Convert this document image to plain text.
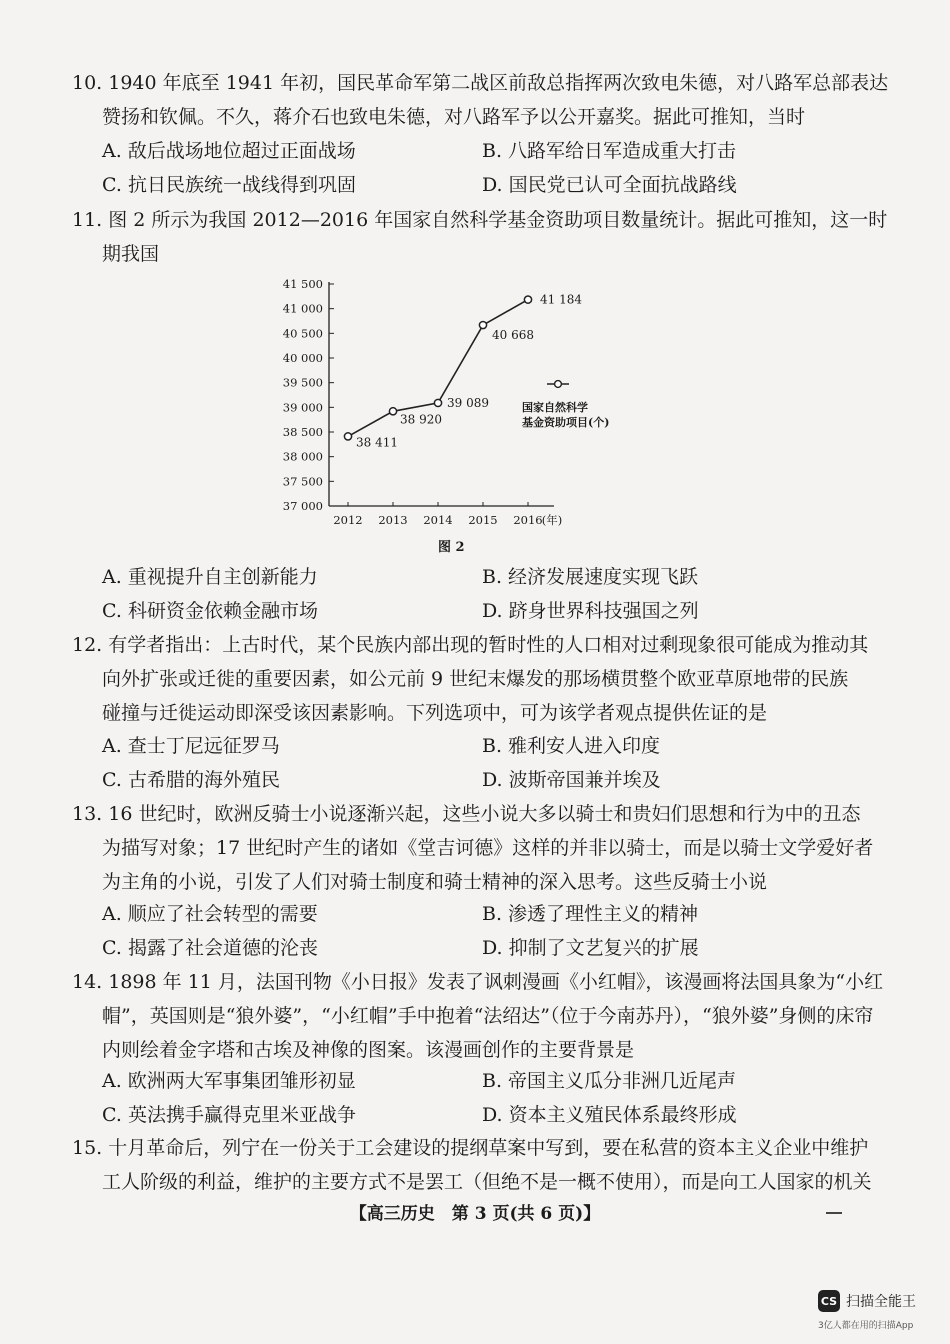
10. 1940 年底至 1941 年初，国民革命军第二战区前敌总指挥两次致电朱德，对八路军总部表达
赞扬和钦佩。不久，蒋介石也致电朱德，对八路军予以公开嘉奖。据此可推知，当时
A. 敌后战场地位超过正面战场	B. 八路军给日军造成重大打击
C. 抗日民族统一战线得到巩固	D. 国民党已认可全面抗战路线
11. 图 2 所示为我国 2012—2016 年国家自然科学基金资助项目数量统计。据此可推知，这一时
期我国
37 000
37 500
38 000
38 500
39 000
39 500
40 000
40 500
41 000
41 500
2012 2013 2014 2015 2016 (年)
38 411
38 920
39 089
40 668
41 184
国家自然科学
基金资助项目(个)
图 2
A. 重视提升自主创新能力	B. 经济发展速度实现飞跃
C. 科研资金依赖金融市场	D. 跻身世界科技强国之列
12. 有学者指出：上古时代，某个民族内部出现的暂时性的人口相对过剩现象很可能成为推动其
向外扩张或迁徙的重要因素，如公元前 9 世纪末爆发的那场横贯整个欧亚草原地带的民族
碰撞与迁徙运动即深受该因素影响。下列选项中，可为该学者观点提供佐证的是
A. 查士丁尼远征罗马	B. 雅利安人进入印度
C. 古希腊的海外殖民	D. 波斯帝国兼并埃及
13. 16 世纪时，欧洲反骑士小说逐渐兴起，这些小说大多以骑士和贵妇们思想和行为中的丑态
为描写对象；17 世纪时产生的诸如《堂吉诃德》这样的并非以骑士，而是以骑士文学爱好者
为主角的小说，引发了人们对骑士制度和骑士精神的深入思考。这些反骑士小说
A. 顺应了社会转型的需要	B. 渗透了理性主义的精神
C. 揭露了社会道德的沦丧	D. 抑制了文艺复兴的扩展
14. 1898 年 11 月，法国刊物《小日报》发表了讽刺漫画《小红帽》，该漫画将法国具象为“小红
帽”，英国则是“狼外婆”，“小红帽”手中抱着“法绍达”（位于今南苏丹），“狼外婆”身侧的床帘
内则绘着金字塔和古埃及神像的图案。该漫画创作的主要背景是
A. 欧洲两大军事集团雏形初显	B. 帝国主义瓜分非洲几近尾声
C. 英法携手赢得克里米亚战争	D. 资本主义殖民体系最终形成
15. 十月革命后，列宁在一份关于工会建设的提纲草案中写到，要在私营的资本主义企业中维护
工人阶级的利益，维护的主要方式不是罢工（但绝不是一概不使用），而是向工人国家的机关
【高三历史　第 3 页(共 6 页)】
CS 扫描全能王
3亿人都在用的扫描App
